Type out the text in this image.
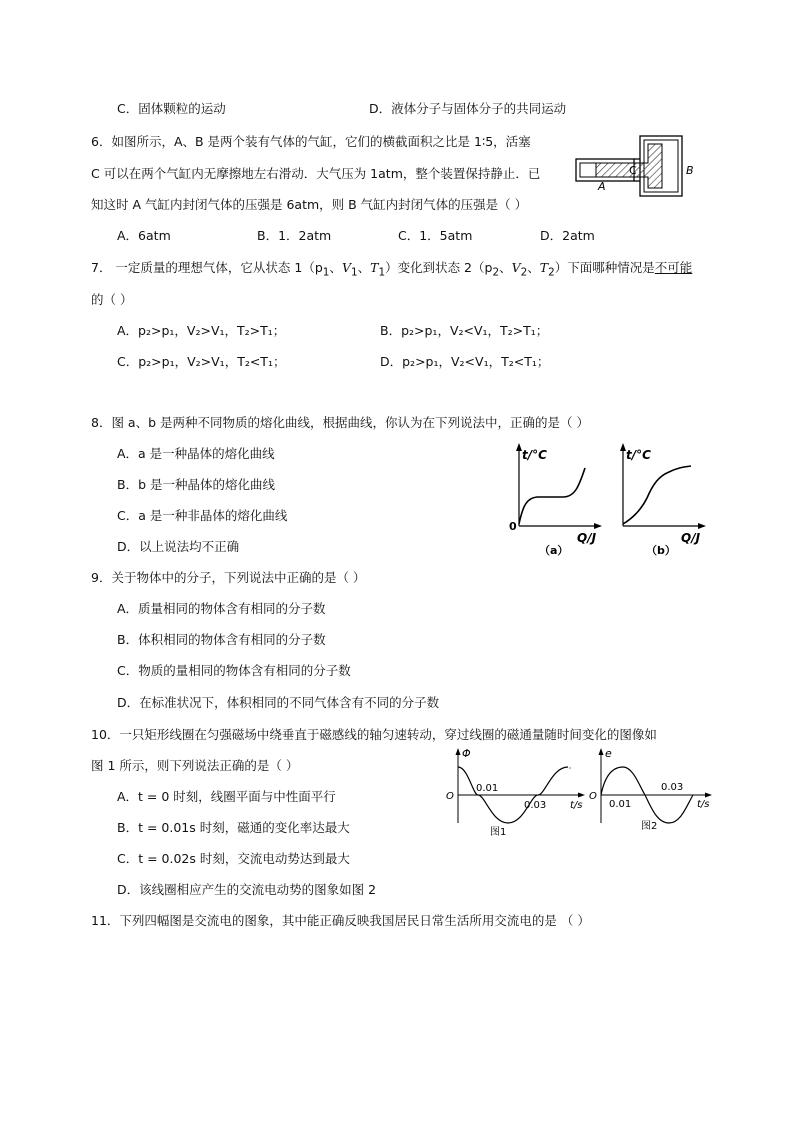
C．固体颗粒的运动	D．液体分子与固体分子的共同运动
6．如图所示，A、B 是两个装有气体的气缸，它们的横截面积之比是 1∶5，活塞
C 可以在两个气缸内无摩擦地左右滑动．大气压为 1atm，整个装置保持静止．已
知这时 A 气缸内封闭气体的压强是 6atm，则 B 气缸内封闭气体的压强是（ ）
A．6atm	B．1．2atm	C．1．5atm	D．2atm
A
B
C
7． 一定质量的理想气体，它从状态 $1(p_1$、$V_1$、$T_1$）变化到状态 $2(p_2$、$V_2$、$T_2$）下面哪种情况是不可能
的（ ）
A．p₂>p₁，V₂>V₁，T₂>T₁；	B．p₂>p₁，V₂<V₁，T₂>T₁；
C．p₂>p₁，V₂>V₁，T₂<T₁；	D．p₂>p₁，V₂<V₁，T₂<T₁；
8．图 a、b 是两种不同物质的熔化曲线，根据曲线，你认为在下列说法中，正确的是（ ）
A．a 是一种晶体的熔化曲线
B．b 是一种晶体的熔化曲线
C．a 是一种非晶体的熔化曲线
D．以上说法均不正确
t/°C
0
Q/J
（a）
t/°C
Q/J
（b）
9．关于物体中的分子，下列说法中正确的是（ ）
A．质量相同的物体含有相同的分子数
B．体积相同的物体含有相同的分子数
C．物质的量相同的物体含有相同的分子数
D．在标准状况下，体积相同的不同气体含有不同的分子数
10．一只矩形线圈在匀强磁场中绕垂直于磁感线的轴匀速转动，穿过线圈的磁通量随时间变化的图像如
图 1 所示，则下列说法正确的是（ ）
A．t = 0 时刻，线圈平面与中性面平行
B．t = 0.01s 时刻，磁通的变化率达最大
C．t = 0.02s 时刻，交流电动势达到最大
D．该线圈相应产生的交流电动势的图象如图 2
Φ
O
0.01
0.03 t/s
图1
e
O
0.01
0.03
t/s
图2
11．下列四幅图是交流电的图象，其中能正确反映我国居民日常生活所用交流电的是 （ ）
